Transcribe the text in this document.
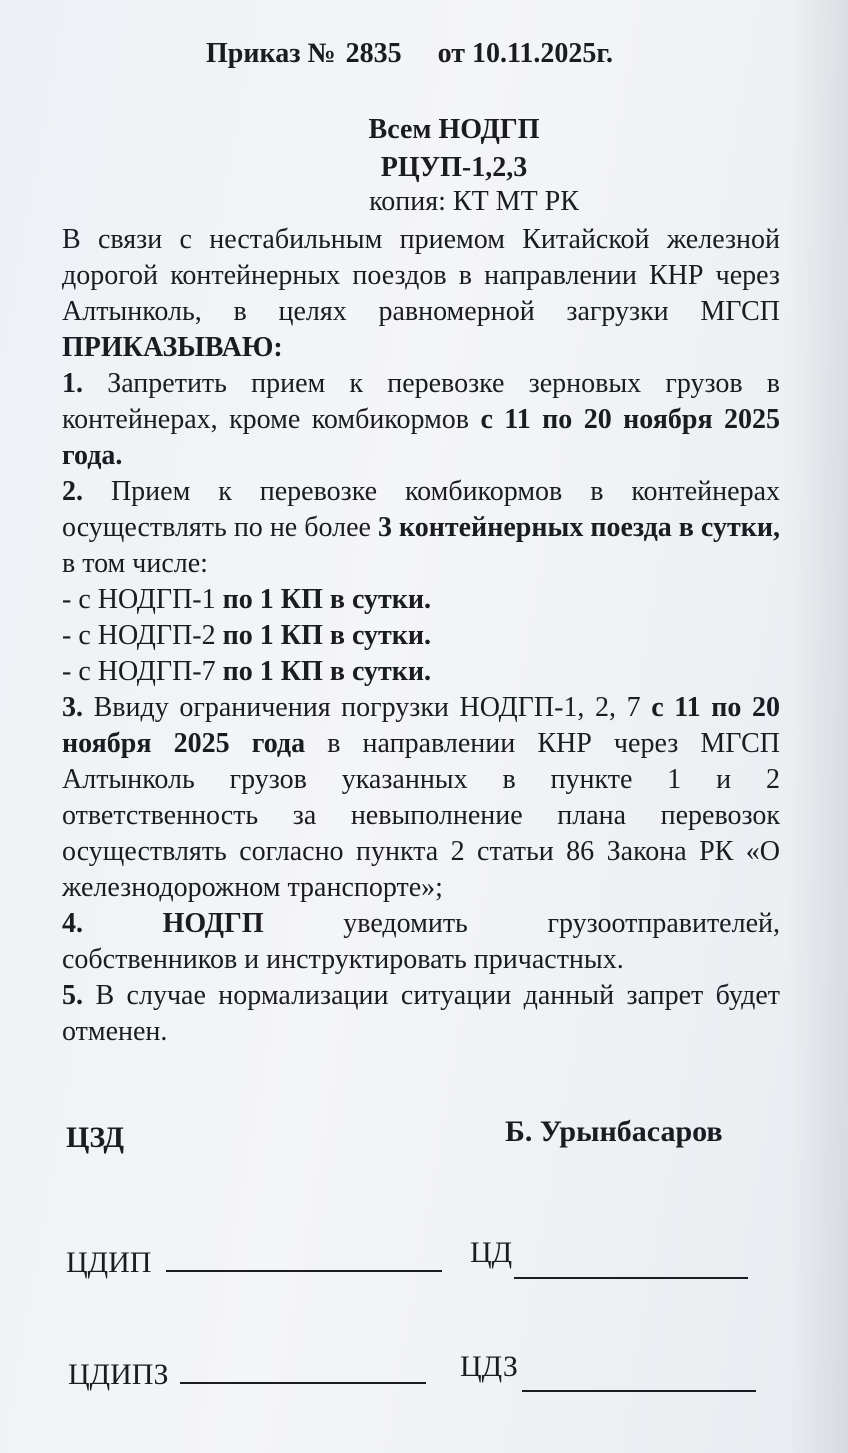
Приказ № 2835 от 10.11.2025г.
Всем НОДГП
РЦУП-1,2,3
копия: КТ МТ РК

В связи с нестабильным приемом Китайской железной дорогой контейнерных поездов в направлении КНР через Алтынколь, в целях равномерной загрузки МГСП ПРИКАЗЫВАЮ:

1. Запретить прием к перевозке зерновых грузов в контейнерах, кроме комбикормов с 11 по 20 ноября 2025 года.

2. Прием к перевозке комбикормов в контейнерах осуществлять по не более 3 контейнерных поезда в сутки, в том числе:

- с НОДГП-1 по 1 КП в сутки.

- с НОДГП-2 по 1 КП в сутки.

- с НОДГП-7 по 1 КП в сутки.

3. Ввиду ограничения погрузки НОДГП-1, 2, 7 с 11 по 20 ноября 2025 года в направлении КНР через МГСП Алтынколь грузов указанных в пункте 1 и 2 ответственность за невыполнение плана перевозок осуществлять согласно пункта 2 статьи 86 Закона РК «О железнодорожном транспорте»;

4.	НОДГП	уведомить	грузоотправителей,

собственников и инструктировать причастных.

5. В случае нормализации ситуации данный запрет будет отменен.

ЦЗД	Б. Урынбасаров
ЦДИП	ЦД
ЦДИПЗ	ЦДЗ
